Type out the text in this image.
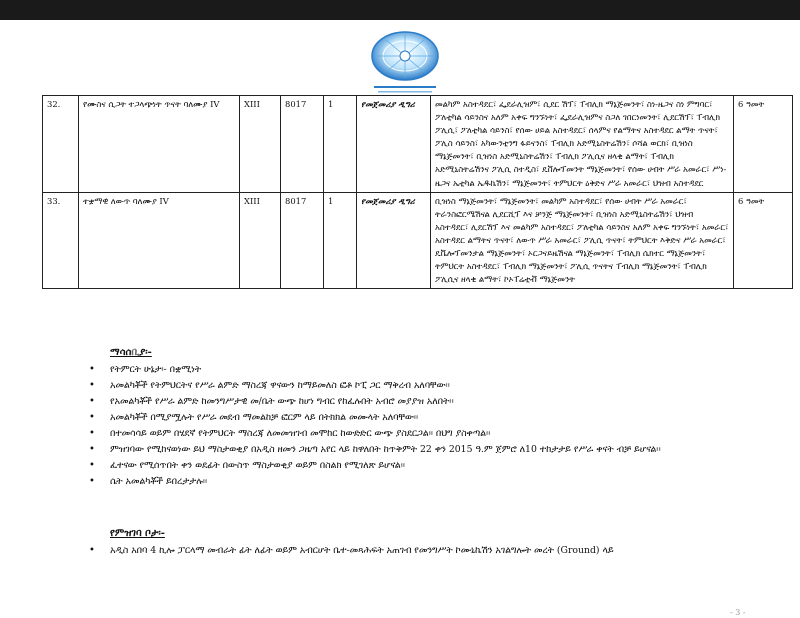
32.	የሙስና ሲጋት ተጋላጭነት ጥናት ባለሙያ IV	XIII	8017	1	የመጀመሪያ ዲግሪ	መልካም አስተዳደር፣ ፌደራሊዝም፣ ሲደር ሽፕ፣ ፐብሊክ ማኔጅመንት፣ ስነ-ዜጋና ስነ ምግባር፣ ፖለቲካል ሳይንስና አለም አቀፍ ግንኙነት፣ ፌደራሊዝምና ስጋለ ገበርነመንት፣ ሊደርሽፕ፣ ፐብሊክ ፖሊሲ፣ ፖለቲካል ሳይንስ፣ የሰው ሀይል አስተዳደር፣ ሰላምና የልማትና አስተዳደር ልማት ጥናት፣ ፖሊስ ሳይንስ፣ አካውንቲንግ ፋይናንስ፣ ፐብሊክ አድሚኒስትሬሽን፣ ሶሻል ወርክ፣ ቢዝነስ ማኔጅመንት፣ ቢዝነስ አድሚኒስትሬሽን፣ ፐብሊክ ፖሊሲና ዘላቂ ልማት፣ ፐብሊክ አድሚኒስትሬሽንና ፖሊሲ ስተዲስ፣ ዴቨሎፕመንት ማኔጅመንት፣ የሰው ሀብት ሥራ አመራር፣ ሥነ-ዜጋና ኤቲካል ኤዱኬሽን፣ ማኔጅመንት፣ ትምህርት ዕቅድና ሥራ አመራር፣ ህዝብ አስተዳደር	6 ዓመት
33.	ተቋማዊ ለውጥ ባለሙያ IV	XIII	8017	1	የመጀመሪያ ዲግሪ	ቢዝነስ ማኔጅመንት፣ ማኔጅመንት፣ መልካም አስተዳደር፣ የሰው ሀብት ሥራ አመራር፣ ትራንስፎርሜሽናል ሊደርሺፕ እና ቻንጅ ማኔጅመንት፣ ቢዝነስ አድሚኒስትሬሽን፣ ህዝብ አስተዳደር፣ ሊደርሽፕ እና መልካም አስተዳደር፣ ፖለቲካል ሳይንስና አለም አቀፍ ግንኙነት፣ አመራር፣ አስተዳደር ልማትና ጥናት፣ ለውጥ ሥራ አመራር፣ ፖሊሲ ጥናት፣ ትምህርት እቅድና ሥራ አመራር፣ ዴቬሎፕመንታል ማኔጅመንት፣ ኦርጋናይዜሽናል ማኔጅመንት፣ ፐብሊክ ሴክተር ማኔጅመንት፣ ትምህርት አስተዳደር፣ ፐብሊክ ማኔጅመንት፣ ፖሊሲ ጥናትና ፐብሊክ ማኔጅመንት፣ ፐብሊክ ፖሊሲና ዘላቂ ልማት፣ ኮኦፐሬቲቭ ማኔጅመንት	6 ዓመት
ማሳሰቢያ፡-
• የትምርት ሁኔታ፡- በቋሚነት
• አመልካቾች የትምህርትና የሥራ ልምድ ማስረጃ ዋናውን ከማይመለስ ፎቶ ኮፒ ጋር ማቅረብ አለባቸው፡፡
• የአመልካቾች የሥራ ልምድ ከመንግሥታዊ መ/ቤት ውጭ ከሆነ ግብር የከፈሉበት አብሮ መያያዝ አለበት፡፡
• አመልካቾች በሚያሟሉት የሥራ መደብ ማመልከቻ ፎርም ላይ በትክክል መሙላት አለባቸው፡፡
• በተመሳሳይ ወይም በሄደኛ የትምህርት ማስረጃ ለመመዝገብ መሞከር ከውድድር ውጭ ያስደርጋል፡፡ በህግ ያስቀጣል፡፡
• ምዝገባው የሚከናወነው ይህ ማስታወቂያ በአዲስ ዘመን ጋዜጣ አየር ላይ ከዋለበት ከጥቅምት 22 ቀን 2015 ዓ.ም ጀምሮ ለ10 ተከታታይ የሥራ ቀናት ብቻ ይሆናል፡፡
• ፈተናው የሚሰጥበት ቀን ወደፊት በውስጥ ማስታወቂያ ወይም በስልክ የሚገለጽ ይሆናል፡፡
• ሴት አመልካቾች ይበረታታሉ፡፡
የምዝገባ ቦታ፡-
• አዲስ አበባ 4 ኪሎ ፓርላማ መብራት ፊት ለፊት ወይም አብርሆት ቤተ-መጻሕፍት አጠገብ የመንግሥት ኮሙኒኬሽን አገልግሎት መረት (Ground) ላይ
- 3 -
